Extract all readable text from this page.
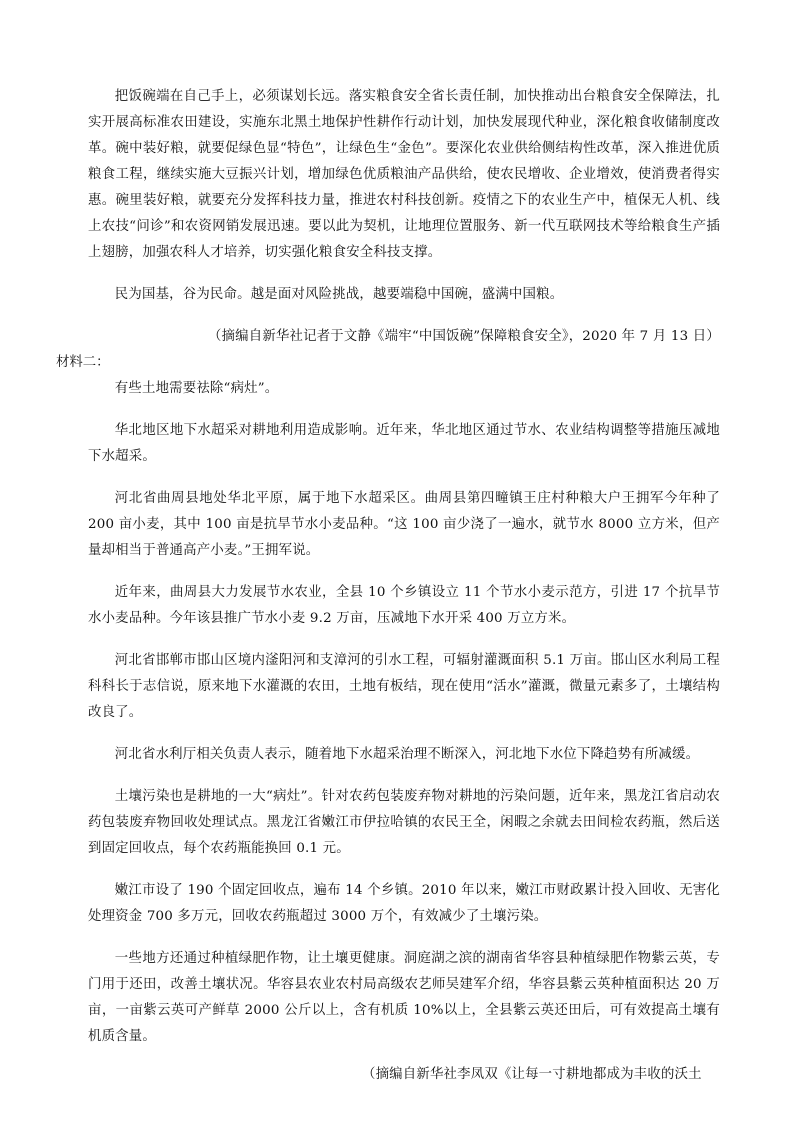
把饭碗端在自己手上，必须谋划长远。落实粮食安全省长责任制，加快推动出台粮食安全保障法，扎实开展高标准农田建设，实施东北黑土地保护性耕作行动计划，加快发展现代种业，深化粮食收储制度改革。碗中装好粮，就要促绿色显“特色”，让绿色生“金色”。要深化农业供给侧结构性改革，深入推进优质粮食工程，继续实施大豆振兴计划，增加绿色优质粮油产品供给，使农民增收、企业增效，使消费者得实惠。碗里装好粮，就要充分发挥科技力量，推进农村科技创新。疫情之下的农业生产中，植保无人机、线上农技“问诊”和农资网销发展迅速。要以此为契机，让地理位置服务、新一代互联网技术等给粮食生产插上翅膀，加强农科人才培养，切实强化粮食安全科技支撑。

民为国基，谷为民命。越是面对风险挑战，越要端稳中国碗，盛满中国粮。

（摘编自新华社记者于文静《端牢“中国饭碗”保障粮食安全》，2020 年 7 月 13 日）

材料二：

有些土地需要祛除“病灶”。

华北地区地下水超采对耕地利用造成影响。近年来，华北地区通过节水、农业结构调整等措施压减地下水超采。

河北省曲周县地处华北平原，属于地下水超采区。曲周县第四疃镇王庄村种粮大户王拥军今年种了 200 亩小麦，其中 100 亩是抗旱节水小麦品种。“这 100 亩少浇了一遍水，就节水 8000 立方米，但产量却相当于普通高产小麦。”王拥军说。

近年来，曲周县大力发展节水农业，全县 10 个乡镇设立 11 个节水小麦示范方，引进 17 个抗旱节水小麦品种。今年该县推广节水小麦 9.2 万亩，压减地下水开采 400 万立方米。

河北省邯郸市邯山区境内滏阳河和支漳河的引水工程，可辐射灌溉面积 5.1 万亩。邯山区水利局工程科科长于志信说，原来地下水灌溉的农田，土地有板结，现在使用“活水”灌溉，微量元素多了，土壤结构改良了。

河北省水利厅相关负责人表示，随着地下水超采治理不断深入，河北地下水位下降趋势有所减缓。

土壤污染也是耕地的一大“病灶”。针对农药包装废弃物对耕地的污染问题，近年来，黑龙江省启动农药包装废弃物回收处理试点。黑龙江省嫩江市伊拉哈镇的农民王全，闲暇之余就去田间检农药瓶，然后送到固定回收点，每个农药瓶能换回 0.1 元。

嫩江市设了 190 个固定回收点，遍布 14 个乡镇。2010 年以来，嫩江市财政累计投入回收、无害化处理资金 700 多万元，回收农药瓶超过 3000 万个，有效减少了土壤污染。

一些地方还通过种植绿肥作物，让土壤更健康。洞庭湖之滨的湖南省华容县种植绿肥作物紫云英，专门用于还田，改善土壤状况。华容县农业农村局高级农艺师吴建军介绍，华容县紫云英种植面积达 20 万亩，一亩紫云英可产鲜草 2000 公斤以上，含有机质 10%以上，全县紫云英还田后，可有效提高土壤有机质含量。

（摘编自新华社李凤双《让每一寸耕地都成为丰收的沃土
